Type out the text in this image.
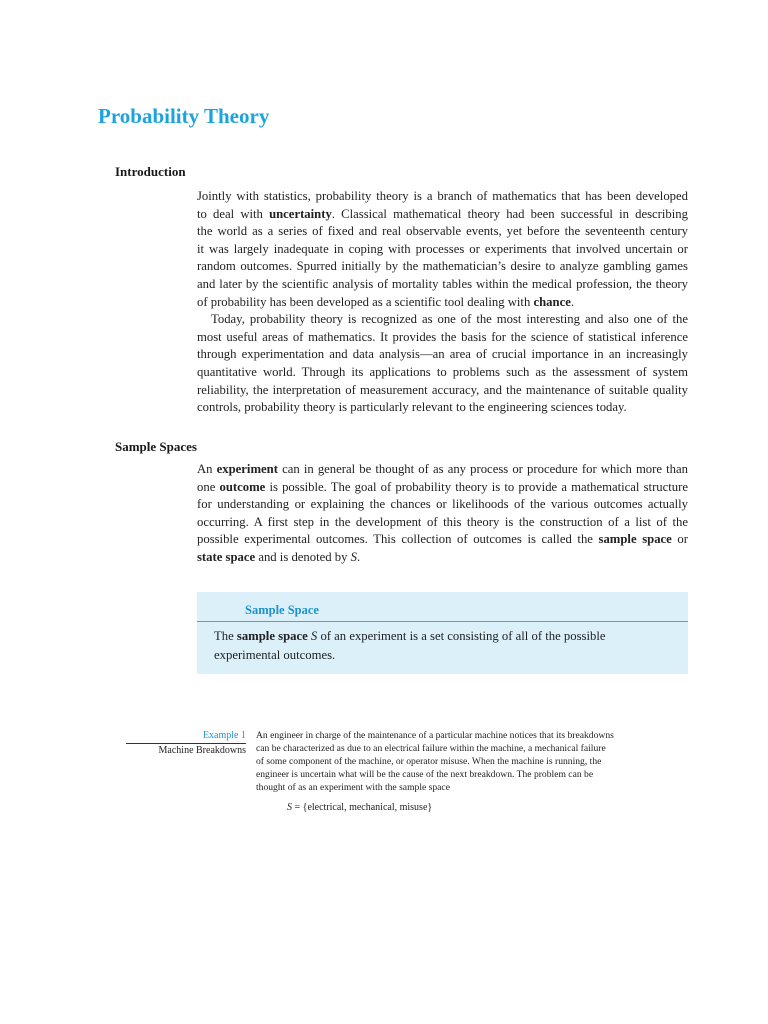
Probability Theory
Introduction

Jointly with statistics, probability theory is a branch of mathematics that has been developed
to deal with uncertainty. Classical mathematical theory had been successful in describing
the world as a series of fixed and real observable events, yet before the seventeenth century
it was largely inadequate in coping with processes or experiments that involved uncertain or
random outcomes. Spurred initially by the mathematician’s desire to analyze gambling games
and later by the scientific analysis of mortality tables within the medical profession, the theory
of probability has been developed as a scientific tool dealing with chance.

Today, probability theory is recognized as one of the most interesting and also one of the
most useful areas of mathematics. It provides the basis for the science of statistical inference
through experimentation and data analysis—an area of crucial importance in an increasingly
quantitative world. Through its applications to problems such as the assessment of system
reliability, the interpretation of measurement accuracy, and the maintenance of suitable quality
controls, probability theory is particularly relevant to the engineering sciences today.

Sample Spaces

An experiment can in general be thought of as any process or procedure for which more than
one outcome is possible. The goal of probability theory is to provide a mathematical structure
for understanding or explaining the chances or likelihoods of the various outcomes actually
occurring. A first step in the development of this theory is the construction of a list of the
possible experimental outcomes. This collection of outcomes is called the sample space or
state space and is denoted by S.

Sample Space
The sample space S of an experiment is a set consisting of all of the possible
experimental outcomes.
Example 1
Machine Breakdowns
An engineer in charge of the maintenance of a particular machine notices that its breakdowns
can be characterized as due to an electrical failure within the machine, a mechanical failure
of some component of the machine, or operator misuse. When the machine is running, the
engineer is uncertain what will be the cause of the next breakdown. The problem can be
thought of as an experiment with the sample space
S = {electrical, mechanical, misuse}
